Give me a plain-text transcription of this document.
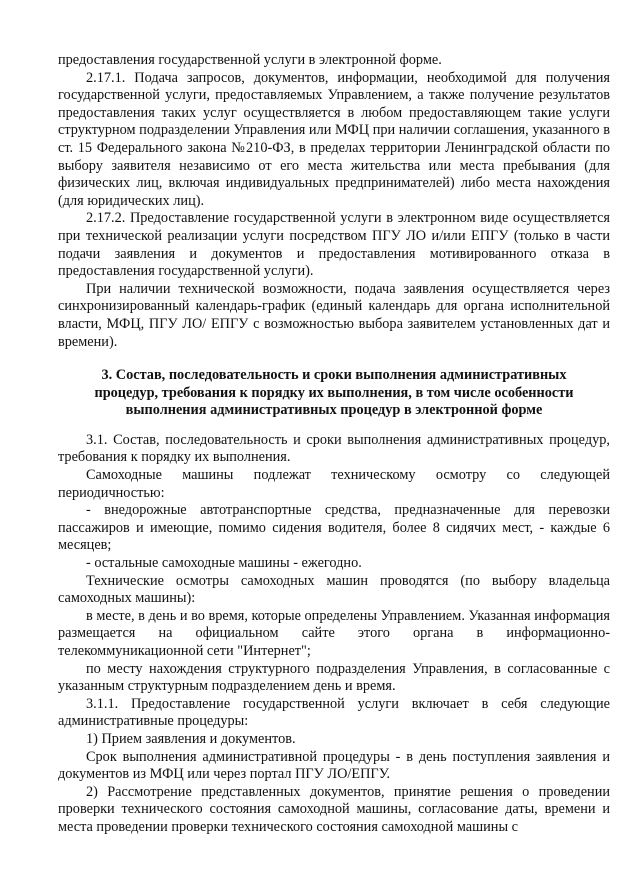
предоставления государственной услуги в электронной форме.

2.17.1. Подача запросов, документов, информации, необходимой для получения государственной услуги, предоставляемых Управлением, а также получение результатов предоставления таких услуг осуществляется в любом предоставляющем такие услуги структурном подразделении Управления или МФЦ при наличии соглашения, указанного в ст. 15 Федерального закона №210-ФЗ, в пределах территории Ленинградской области по выбору заявителя независимо от его места жительства или места пребывания (для физических лиц, включая индивидуальных предпринимателей) либо места нахождения (для юридических лиц).

2.17.2. Предоставление государственной услуги в электронном виде осуществляется при технической реализации услуги посредством ПГУ ЛО и/или ЕПГУ (только в части подачи заявления и документов и предоставления мотивированного отказа в предоставления государственной услуги).

При наличии технической возможности, подача заявления осуществляется через синхронизированный календарь-график (единый календарь для органа исполнительной власти, МФЦ, ПГУ ЛО/ ЕПГУ с возможностью выбора заявителем установленных дат и времени).

3. Состав, последовательность и сроки выполнения административных процедур, требования к порядку их выполнения, в том числе особенности выполнения административных процедур в электронной форме

3.1. Состав, последовательность и сроки выполнения административных процедур, требования к порядку их выполнения.

Самоходные машины подлежат техническому осмотру со следующей периодичностью:

- внедорожные автотранспортные средства, предназначенные для перевозки пассажиров и имеющие, помимо сидения водителя, более 8 сидячих мест, - каждые 6 месяцев;

- остальные самоходные машины - ежегодно.

Технические осмотры самоходных машин проводятся (по выбору владельца самоходных машины):

в месте, в день и во время, которые определены Управлением. Указанная информация размещается на официальном сайте этого органа в информационно-телекоммуникационной сети "Интернет";

по месту нахождения структурного подразделения Управления, в согласованные с указанным структурным подразделением день и время.

3.1.1. Предоставление государственной услуги включает в себя следующие административные процедуры:

1) Прием заявления и документов.

Срок выполнения административной процедуры - в день поступления заявления и документов из МФЦ или через портал ПГУ ЛО/ЕПГУ.

2) Рассмотрение представленных документов, принятие решения о проведении проверки технического состояния самоходной машины, согласование даты, времени и места проведении проверки технического состояния самоходной машины с
